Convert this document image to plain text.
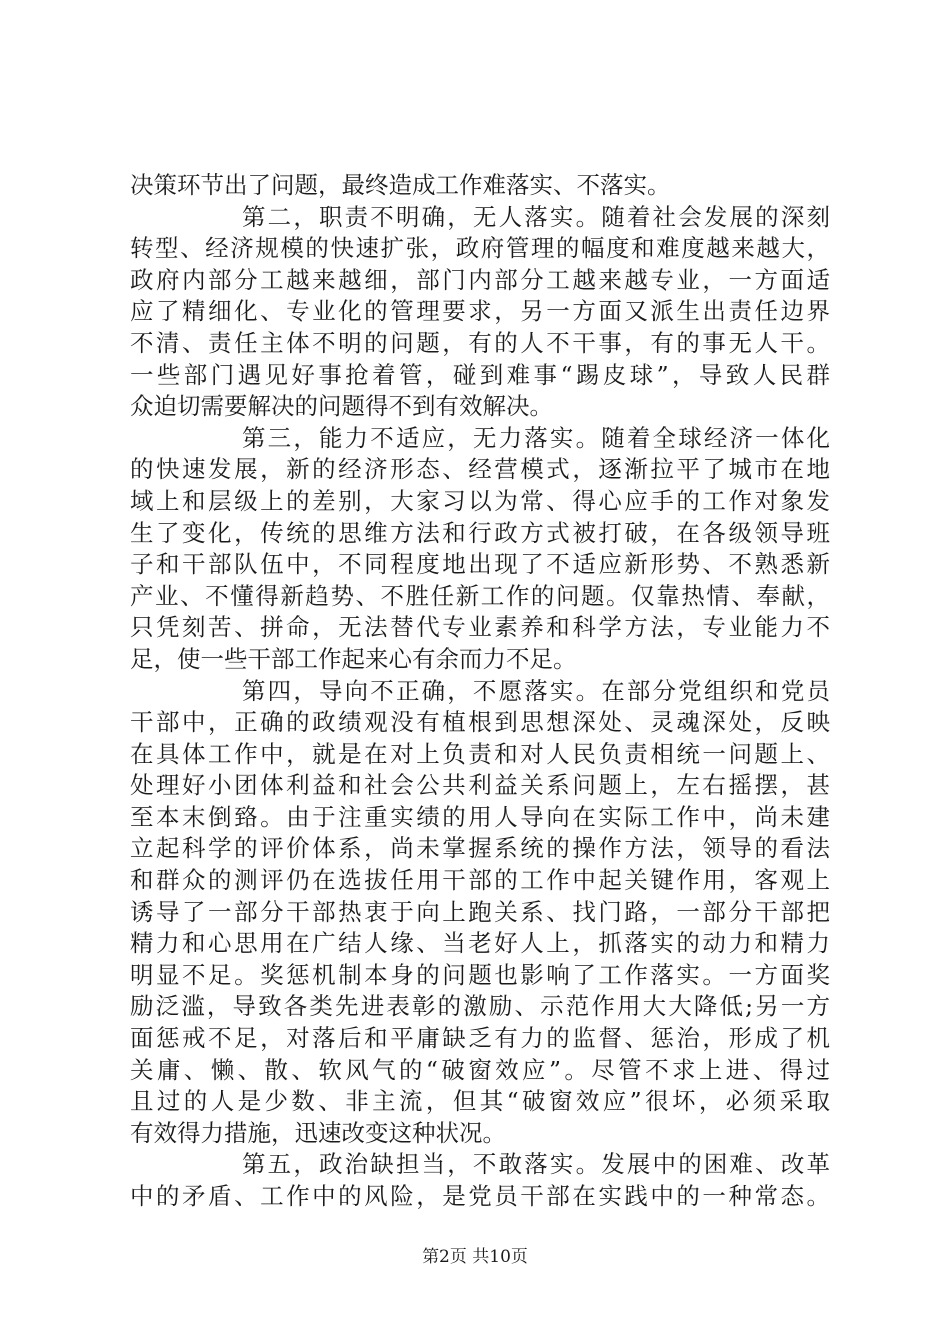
决策环节出了问题，最终造成工作难落实、不落实。
第二，职责不明确，无人落实。随着社会发展的深刻
转型、经济规模的快速扩张，政府管理的幅度和难度越来越大，
政府内部分工越来越细，部门内部分工越来越专业，一方面适
应了精细化、专业化的管理要求，另一方面又派生出责任边界
不清、责任主体不明的问题，有的人不干事，有的事无人干。
一些部门遇见好事抢着管，碰到难事“踢皮球”，导致人民群
众迫切需要解决的问题得不到有效解决。
第三，能力不适应，无力落实。随着全球经济一体化
的快速发展，新的经济形态、经营模式，逐渐拉平了城市在地
域上和层级上的差别，大家习以为常、得心应手的工作对象发
生了变化，传统的思维方法和行政方式被打破，在各级领导班
子和干部队伍中，不同程度地出现了不适应新形势、不熟悉新
产业、不懂得新趋势、不胜任新工作的问题。仅靠热情、奉献，
只凭刻苦、拼命，无法替代专业素养和科学方法，专业能力不
足，使一些干部工作起来心有余而力不足。
第四，导向不正确，不愿落实。在部分党组织和党员
干部中，正确的政绩观没有植根到思想深处、灵魂深处，反映
在具体工作中，就是在对上负责和对人民负责相统一问题上、
处理好小团体利益和社会公共利益关系问题上，左右摇摆，甚
至本末倒臵。由于注重实绩的用人导向在实际工作中，尚未建
立起科学的评价体系，尚未掌握系统的操作方法，领导的看法
和群众的测评仍在选拔任用干部的工作中起关键作用，客观上
诱导了一部分干部热衷于向上跑关系、找门路，一部分干部把
精力和心思用在广结人缘、当老好人上，抓落实的动力和精力
明显不足。奖惩机制本身的问题也影响了工作落实。一方面奖
励泛滥，导致各类先进表彰的激励、示范作用大大降低;另一方
面惩戒不足，对落后和平庸缺乏有力的监督、惩治，形成了机
关庸、懒、散、软风气的“破窗效应”。尽管不求上进、得过
且过的人是少数、非主流，但其“破窗效应”很坏，必须采取
有效得力措施，迅速改变这种状况。
第五，政治缺担当，不敢落实。发展中的困难、改革
中的矛盾、工作中的风险，是党员干部在实践中的一种常态。
第2页 共10页
